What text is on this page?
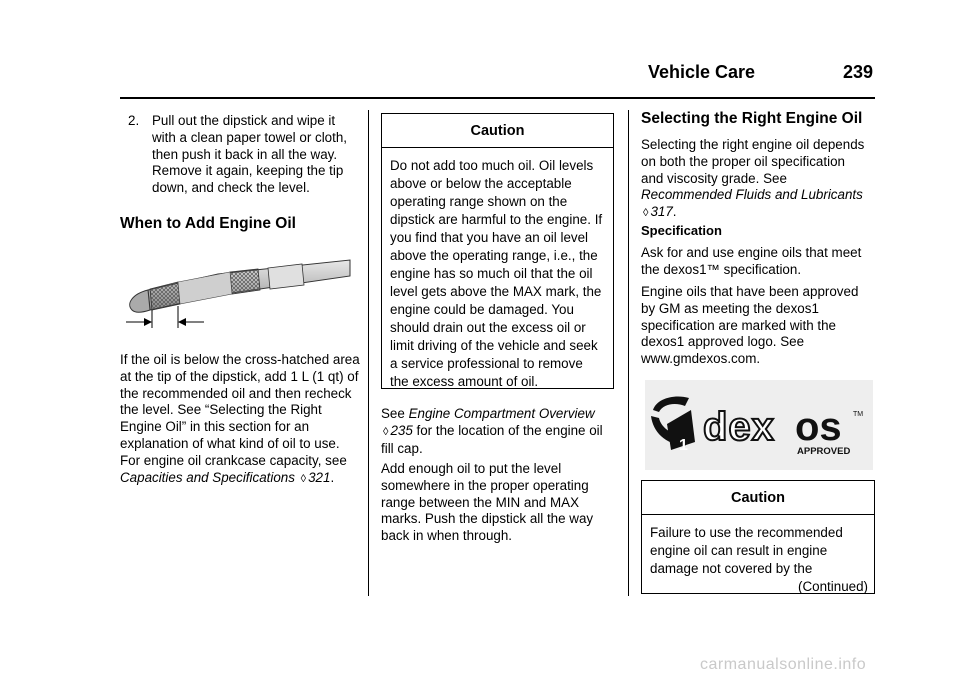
Vehicle Care	239
2. Pull out the dipstick and wipe it with a clean paper towel or cloth, then push it back in all the way. Remove it again, keeping the tip down, and check the level.
When to Add Engine Oil
If the oil is below the cross-hatched area at the tip of the dipstick, add 1 L (1 qt) of the recommended oil and then recheck the level. See “Selecting the Right Engine Oil” in this section for an explanation of what kind of oil to use. For engine oil crankcase capacity, see Capacities and Specifications ◊ 321.
Caution
Do not add too much oil. Oil levels above or below the acceptable operating range shown on the dipstick are harmful to the engine. If you find that you have an oil level above the operating range, i.e., the engine has so much oil that the oil level gets above the MAX mark, the engine could be damaged. You should drain out the excess oil or limit driving of the vehicle and seek a service professional to remove the excess amount of oil.
See Engine Compartment Overview ◊ 235 for the location of the engine oil fill cap.
Add enough oil to put the level somewhere in the proper operating range between the MIN and MAX marks. Push the dipstick all the way back in when through.
Selecting the Right Engine Oil
Selecting the right engine oil depends on both the proper oil specification and viscosity grade. See Recommended Fluids and Lubricants ◊ 317.
Specification
Ask for and use engine oils that meet the dexos1™ specification.
Engine oils that have been approved by GM as meeting the dexos1 specification are marked with the dexos1 approved logo. See www.gmdexos.com.
1 dex os TM
APPROVED
Caution
Failure to use the recommended engine oil can result in engine damage not covered by the
(Continued)
carmanualsonline.info
